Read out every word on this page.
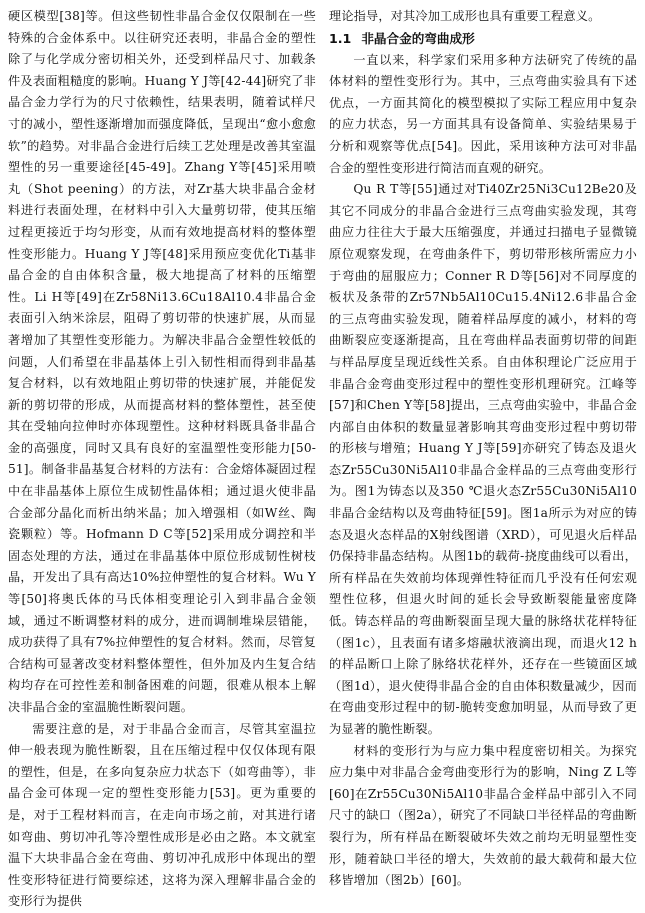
硬区模型[38]等。但这些韧性非晶合金仅仅限制在一些特殊的合金体系中。以往研究还表明，非晶合金的塑性除了与化学成分密切相关外，还受到样品尺寸、加载条件及表面粗糙度的影响。Huang Y J等[42-44]研究了非晶合金力学行为的尺寸依赖性，结果表明，随着试样尺寸的减小，塑性逐渐增加而强度降低，呈现出“愈小愈愈软”的趋势。对非晶合金进行后续工艺处理是改善其室温塑性的另一重要途径[45-49]。Zhang Y等[45]采用喷丸（Shot peening）的方法，对Zr基大块非晶合金材料进行表面处理，在材料中引入大量剪切带，使其压缩过程更接近于均匀形变，从而有效地提高材料的整体塑性变形能力。Huang Y J等[48]采用预应变优化Ti基非晶合金的自由体积含量，极大地提高了材料的压缩塑性。Li H等[49]在Zr58Ni13.6Cu18Al10.4非晶合金表面引入纳米涂层，阻碍了剪切带的快速扩展，从而显著增加了其塑性变形能力。为解决非晶合金塑性较低的问题，人们希望在非晶基体上引入韧性相而得到非晶基复合材料，以有效地阻止剪切带的快速扩展，并能促发新的剪切带的形成，从而提高材料的整体塑性，甚至使其在受轴向拉伸时亦体现塑性。这种材料既具备非晶合金的高强度，同时又具有良好的室温塑性变形能力[50-51]。制备非晶基复合材料的方法有：合金熔体凝固过程中在非晶基体上原位生成韧性晶体相；通过退火使非晶合金部分晶化而析出纳米晶；加入增强相（如W丝、陶瓷颗粒）等。Hofmann D C等[52]采用成分调控和半固态处理的方法，通过在非晶基体中原位形成韧性树枝晶，开发出了具有高达10%拉伸塑性的复合材料。Wu Y等[50]将奥氏体的马氏体相变理论引入到非晶合金领域，通过不断调整材料的成分，进而调制堆垛层错能，成功获得了具有7%拉伸塑性的复合材料。然而，尽管复合结构可显著改变材料整体塑性，但外加及内生复合结构均存在可控性差和制备困难的问题，很难从根本上解决非晶合金的室温脆性断裂问题。

需要注意的是，对于非晶合金而言，尽管其室温拉伸一般表现为脆性断裂，且在压缩过程中仅仅体现有限的塑性，但是，在多向复杂应力状态下（如弯曲等），非晶合金可体现一定的塑性变形能力[53]。更为重要的是，对于工程材料而言，在走向市场之前，对其进行诸如弯曲、剪切冲孔等冷塑性成形是必由之路。本文就室温下大块非晶合金在弯曲、剪切冲孔成形中体现出的塑性变形特征进行简要综述，这将为深入理解非晶合金的变形行为提供

理论指导，对其冷加工成形也具有重要工程意义。

1.1 非晶合金的弯曲成形

一直以来，科学家们采用多种方法研究了传统的晶体材料的塑性变形行为。其中，三点弯曲实验具有下述优点，一方面其简化的模型模拟了实际工程应用中复杂的应力状态，另一方面其具有设备简单、实验结果易于分析和观察等优点[54]。因此，采用该种方法可对非晶合金的塑性变形进行简洁而直观的研究。

Qu R T等[55]通过对Ti40Zr25Ni3Cu12Be20及其它不同成分的非晶合金进行三点弯曲实验发现，其弯曲应力往往大于最大压缩强度，并通过扫描电子显微镜原位观察发现，在弯曲条件下，剪切带形核所需应力小于弯曲的屈服应力；Conner R D等[56]对不同厚度的板状及条带的Zr57Nb5Al10Cu15.4Ni12.6非晶合金的三点弯曲实验发现，随着样品厚度的减小，材料的弯曲断裂应变逐渐提高，且在弯曲样品表面剪切带的间距与样品厚度呈现近线性关系。自由体积理论广泛应用于非晶合金弯曲变形过程中的塑性变形机理研究。江峰等[57]和Chen Y等[58]提出，三点弯曲实验中，非晶合金内部自由体积的数量显著影响其弯曲变形过程中剪切带的形核与增殖；Huang Y J等[59]亦研究了铸态及退火态Zr55Cu30Ni5Al10非晶合金样品的三点弯曲变形行为。图1为铸态以及350 ℃退火态Zr55Cu30Ni5Al10非晶合金结构以及弯曲特征[59]。图1a所示为对应的铸态及退火态样品的X射线图谱（XRD），可见退火后样品仍保持非晶态结构。从图1b的载荷-挠度曲线可以看出，所有样品在失效前均体现弹性特征而几乎没有任何宏观塑性位移，但退火时间的延长会导致断裂能量密度降低。铸态样品的弯曲断裂面呈现大量的脉络状花样特征（图1c），且表面有诸多熔融状液滴出现，而退火12 h的样品断口上除了脉络状花样外，还存在一些镜面区域（图1d），退火使得非晶合金的自由体积数量减少，因而在弯曲变形过程中的韧-脆转变愈加明显，从而导致了更为显著的脆性断裂。

材料的变形行为与应力集中程度密切相关。为探究应力集中对非晶合金弯曲变形行为的影响，Ning Z L等[60]在Zr55Cu30Ni5Al10非晶合金样品中部引入不同尺寸的缺口（图2a），研究了不同缺口半径样品的弯曲断裂行为，所有样品在断裂破坏失效之前均无明显塑性变形，随着缺口半径的增大，失效前的最大载荷和最大位移皆增加（图2b）[60]。
